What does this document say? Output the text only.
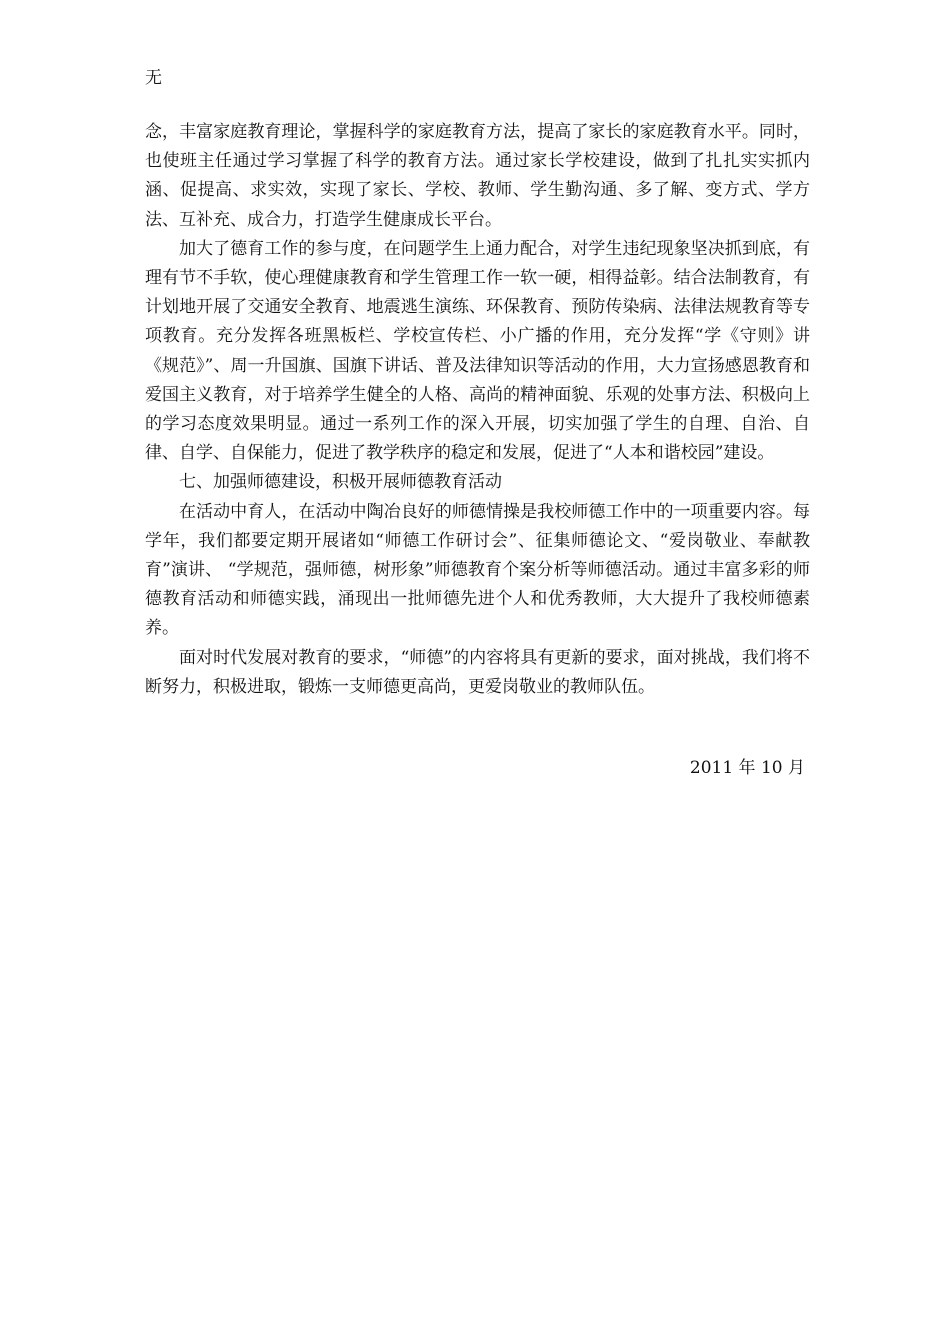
无

念，丰富家庭教育理论，掌握科学的家庭教育方法，提高了家长的家庭教育水平。同时，也使班主任通过学习掌握了科学的教育方法。通过家长学校建设，做到了扎扎实实抓内涵、促提高、求实效，实现了家长、学校、教师、学生勤沟通、多了解、变方式、学方法、互补充、成合力，打造学生健康成长平台。

加大了德育工作的参与度，在问题学生上通力配合，对学生违纪现象坚决抓到底，有理有节不手软，使心理健康教育和学生管理工作一软一硬，相得益彰。结合法制教育，有计划地开展了交通安全教育、地震逃生演练、环保教育、预防传染病、法律法规教育等专项教育。充分发挥各班黑板栏、学校宣传栏、小广播的作用，充分发挥“学《守则》讲《规范》”、周一升国旗、国旗下讲话、普及法律知识等活动的作用，大力宣扬感恩教育和爱国主义教育，对于培养学生健全的人格、高尚的精神面貌、乐观的处事方法、积极向上的学习态度效果明显。通过一系列工作的深入开展，切实加强了学生的自理、自治、自律、自学、自保能力，促进了教学秩序的稳定和发展，促进了“人本和谐校园”建设。

七、加强师德建设，积极开展师德教育活动

在活动中育人，在活动中陶冶良好的师德情操是我校师德工作中的一项重要内容。每学年，我们都要定期开展诸如“师德工作研讨会”、征集师德论文、“爱岗敬业、奉献教育”演讲、 “学规范，强师德，树形象”师德教育个案分析等师德活动。通过丰富多彩的师德教育活动和师德实践，涌现出一批师德先进个人和优秀教师，大大提升了我校师德素养。

面对时代发展对教育的要求，“师德”的内容将具有更新的要求，面对挑战，我们将不断努力，积极进取，锻炼一支师德更高尚，更爱岗敬业的教师队伍。

2011 年 10 月
